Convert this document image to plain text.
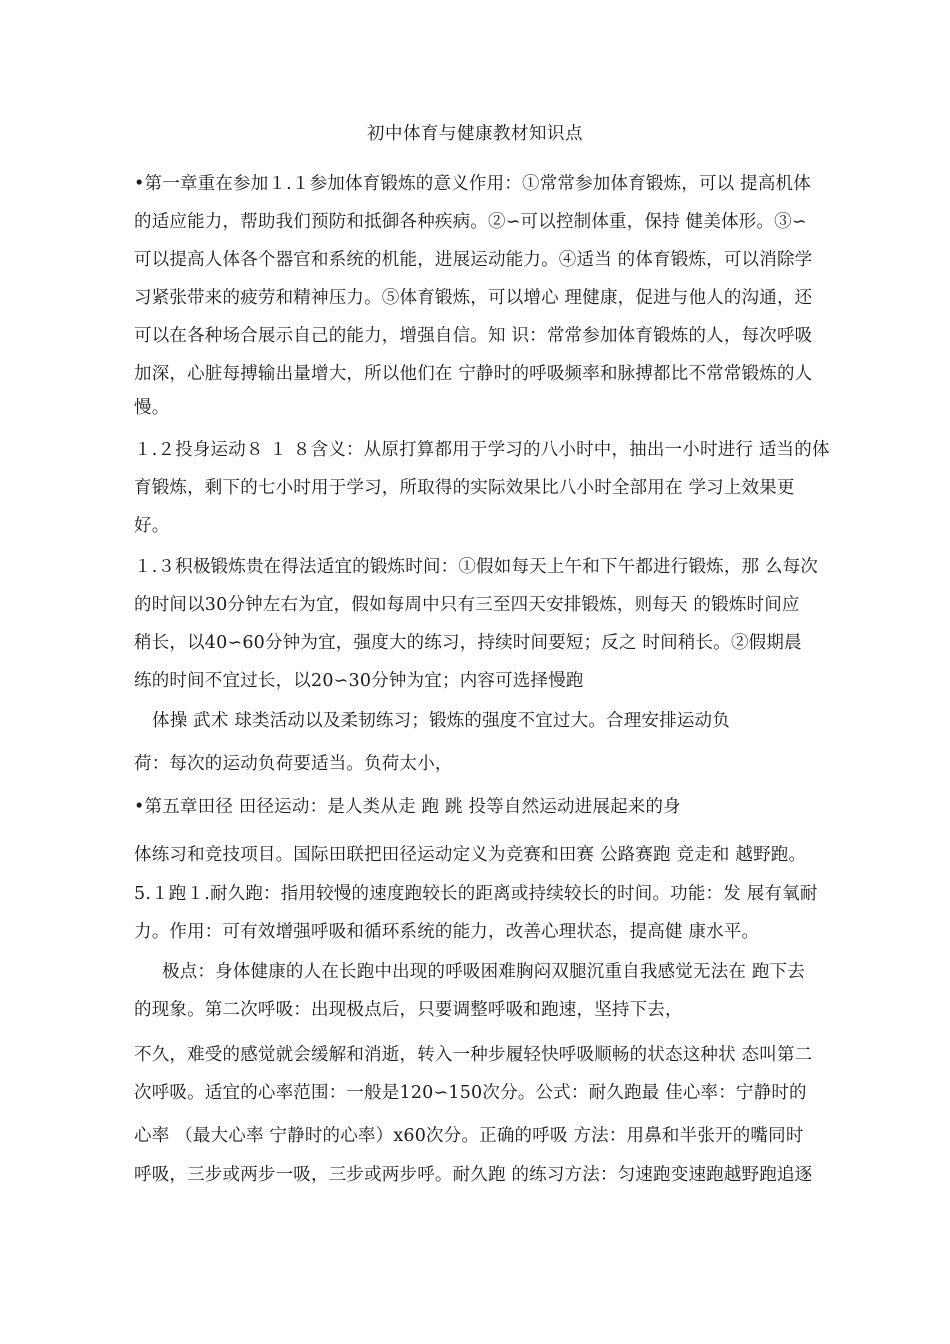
初中体育与健康教材知识点
•第一章重在参加１.１参加体育锻炼的意义作用：①常常参加体育锻炼，可以 提高机体
的适应能力，帮助我们预防和抵御各种疾病。②∽可以控制体重，保持 健美体形。③∽
可以提高人体各个器官和系统的机能，进展运动能力。④适当 的体育锻炼，可以消除学
习紧张带来的疲劳和精神压力。⑤体育锻炼，可以增心 理健康，促进与他人的沟通，还
可以在各种场合展示自己的能力，增强自信。知 识：常常参加体育锻炼的人，每次呼吸
加深，心脏每搏输出量增大，所以他们在 宁静时的呼吸频率和脉搏都比不常常锻炼的人
慢。
１.２投身运动８ １ ８含义：从原打算都用于学习的八小时中，抽出一小时进行 适当的体
育锻炼，剩下的七小时用于学习，所取得的实际效果比八小时全部用在 学习上效果更
好。
１.３积极锻炼贵在得法适宜的锻炼时间：①假如每天上午和下午都进行锻炼，那 么每次
的时间以30分钟左右为宜，假如每周中只有三至四天安排锻炼，则每天 的锻炼时间应
稍长，以40∽60分钟为宜，强度大的练习，持续时间要短；反之 时间稍长。②假期晨
练的时间不宜过长，以20∽30分钟为宜；内容可选择慢跑
体操 武术 球类活动以及柔韧练习；锻炼的强度不宜过大。合理安排运动负
荷：每次的运动负荷要适当。负荷太小，
•第五章田径 田径运动：是人类从走 跑 跳 投等自然运动进展起来的身
体练习和竞技项目。国际田联把田径运动定义为竞赛和田赛 公路赛跑 竞走和 越野跑。
5.１跑１.耐久跑：指用较慢的速度跑较长的距离或持续较长的时间。功能：发 展有氧耐
力。作用：可有效增强呼吸和循环系统的能力，改善心理状态，提高健 康水平。
极点：身体健康的人在长跑中出现的呼吸困难胸闷双腿沉重自我感觉无法在 跑下去
的现象。第二次呼吸：出现极点后，只要调整呼吸和跑速，坚持下去，
不久，难受的感觉就会缓解和消逝，转入一种步履轻快呼吸顺畅的状态这种状 态叫第二
次呼吸。适宜的心率范围：一般是120∽150次分。公式：耐久跑最 佳心率：宁静时的
心率 （最大心率 宁静时的心率）x60次分。正确的呼吸 方法：用鼻和半张开的嘴同时
呼吸，三步或两步一吸，三步或两步呼。耐久跑 的练习方法：匀速跑变速跑越野跑追逐
